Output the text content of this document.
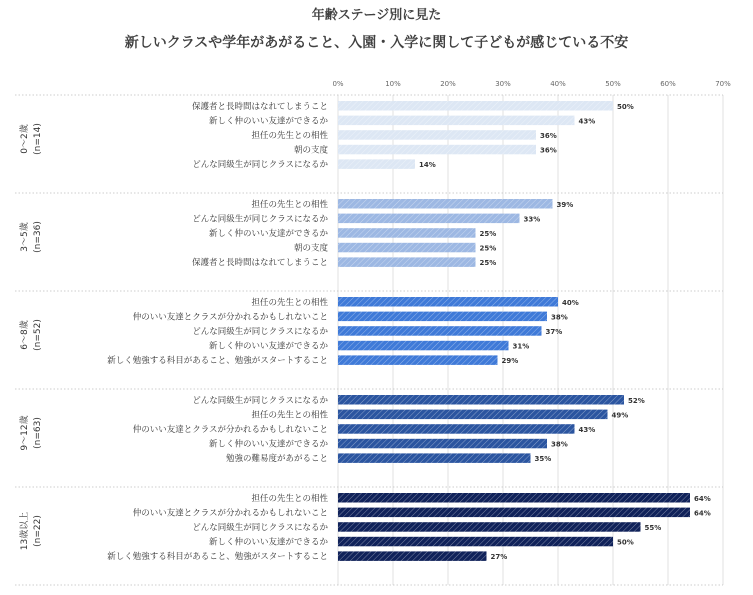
年齢ステージ別に見た
新しいクラスや学年があがること、入園・入学に関して子どもが感じている不安
0%	10%	20%	30%	40%	50%	60%	70%
0〜2歳 (n=14)
保護者と長時間はなれてしまうこと	50%
新しく仲のいい友達ができるか	43%
担任の先生との相性	36%
朝の支度	36%
どんな同級生が同じクラスになるか	14%
3〜5歳 (n=36)
担任の先生との相性	39%
どんな同級生が同じクラスになるか	33%
新しく仲のいい友達ができるか	25%
朝の支度	25%
保護者と長時間はなれてしまうこと	25%
6〜8歳 (n=52)
担任の先生との相性	40%
仲のいい友達とクラスが分かれるかもしれないこと	38%
どんな同級生が同じクラスになるか	37%
新しく仲のいい友達ができるか	31%
新しく勉強する科目があること、勉強がスタートすること	29%
9〜12歳 (n=63)
どんな同級生が同じクラスになるか	52%
担任の先生との相性	49%
仲のいい友達とクラスが分かれるかもしれないこと	43%
新しく仲のいい友達ができるか	38%
勉強の難易度があがること	35%
13歳以上 (n=22)
担任の先生との相性	64%
仲のいい友達とクラスが分かれるかもしれないこと	64%
どんな同級生が同じクラスになるか	55%
新しく仲のいい友達ができるか	50%
新しく勉強する科目があること、勉強がスタートすること	27%
